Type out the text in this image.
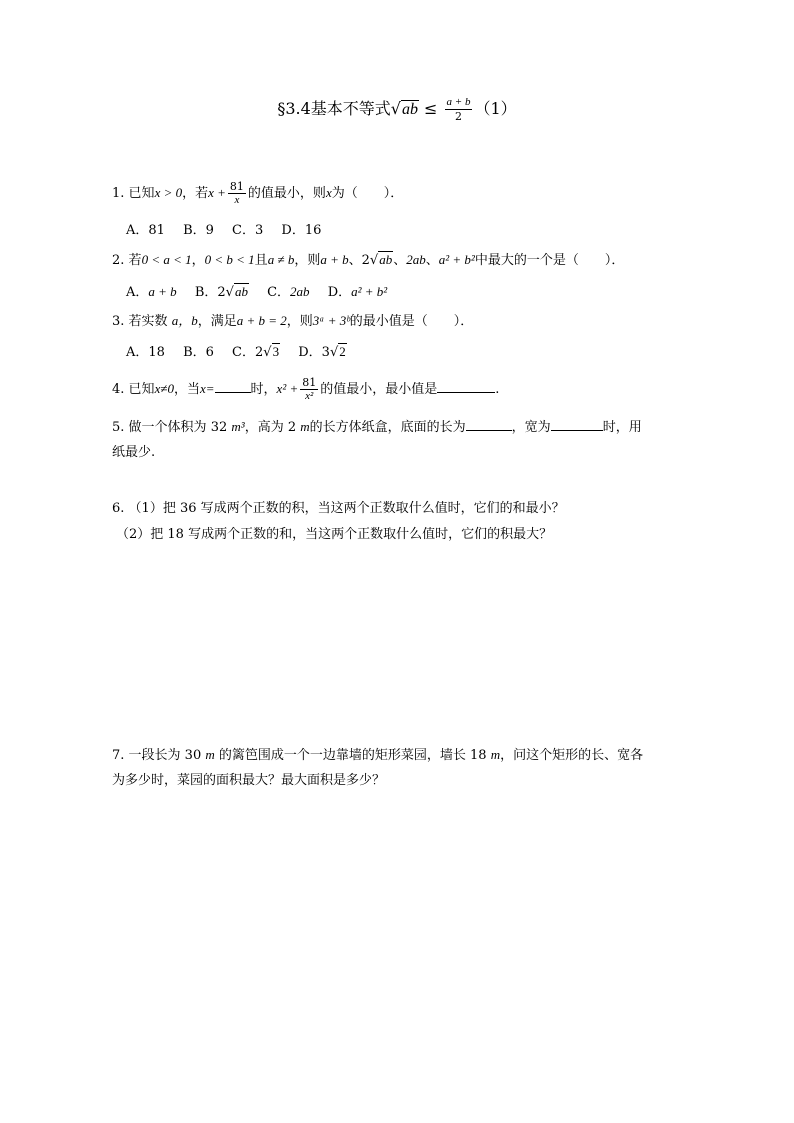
§3.4基本不等式$√ab \le \frac{a + b}{2} (1)$
1. 已知x > 0，若$x + \frac{81}{x}$ 的值最小，则x为（　　）．
A．81 B．9 C．3 D．16
2. 若0 < a < 1，0 < b < 1且a ≠ b，则a + b、2√ab、2ab、a² + b²中最大的一个是（　　）．
A．a + b B．2√ab C．2ab D．a² + b²
3. 若实数 a，b，满足a + b = 2，则3ᵃ + 3ᵇ的最小值是（　　）．
A．18 B．6 C．2√3 D．3√2
4. 已知x≠0，当x=	时，$x^2 + \frac{81}{\text{x²}}$ 的值最小，最小值是	.
5. 做一个体积为 32 m³，高为 2 m的长方体纸盒，底面的长为	，宽为	时，用
纸最少.
6. （1）把 36 写成两个正数的积，当这两个正数取什么值时，它们的和最小？
（2）把 18 写成两个正数的和，当这两个正数取什么值时，它们的积最大？
7. 一段长为 30 m 的篱笆围成一个一边靠墙的矩形菜园，墙长 18 m，问这个矩形的长、宽各
为多少时，菜园的面积最大？最大面积是多少？
